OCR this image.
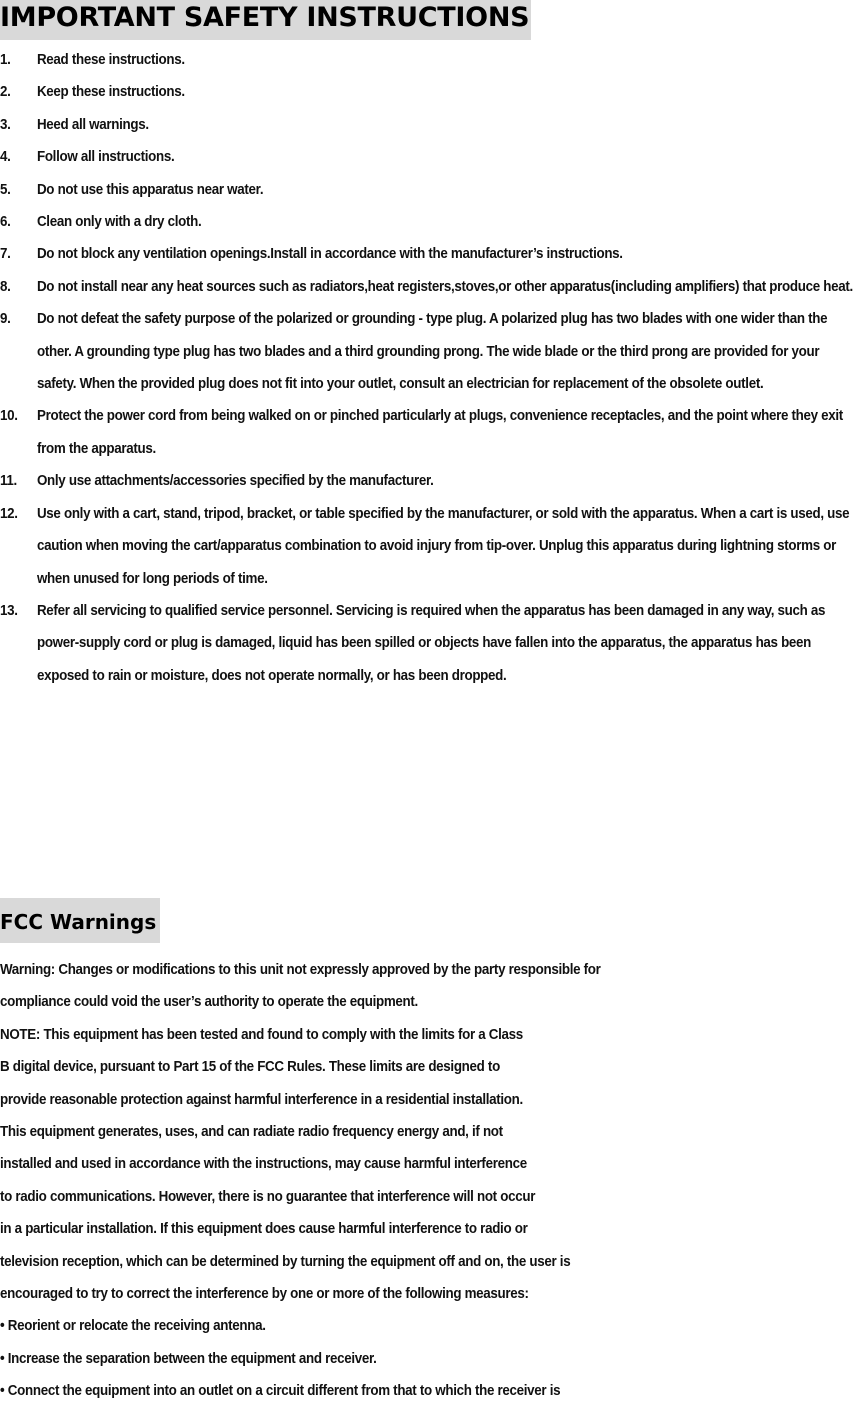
IMPORTANT SAFETY INSTRUCTIONS
1. Read these instructions.
2. Keep these instructions.
3. Heed all warnings.
4. Follow all instructions.
5. Do not use this apparatus near water.
6. Clean only with a dry cloth.
7. Do not block any ventilation openings.Install in accordance with the manufacturer’s instructions.
8. Do not install near any heat sources such as radiators,heat registers,stoves,or other apparatus(including amplifiers) that produce heat.
9. Do not defeat the safety purpose of the polarized or grounding - type plug. A polarized plug has two blades with one wider than the other. A grounding type plug has two blades and a third grounding prong. The wide blade or the third prong are provided for your safety. When the provided plug does not fit into your outlet, consult an electrician for replacement of the obsolete outlet.
10. Protect the power cord from being walked on or pinched particularly at plugs, convenience receptacles, and the point where they exit from the apparatus.
11. Only use attachments/accessories specified by the manufacturer.
12. Use only with a cart, stand, tripod, bracket, or table specified by the manufacturer, or sold with the apparatus. When a cart is used, use caution when moving the cart/apparatus combination to avoid injury from tip-over. Unplug this apparatus during lightning storms or when unused for long periods of time.
13. Refer all servicing to qualified service personnel. Servicing is required when the apparatus has been damaged in any way, such as power-supply cord or plug is damaged, liquid has been spilled or objects have fallen into the apparatus, the apparatus has been exposed to rain or moisture, does not operate normally, or has been dropped.
FCC Warnings
Warning: Changes or modifications to this unit not expressly approved by the party responsible for
compliance could void the user’s authority to operate the equipment.
NOTE: This equipment has been tested and found to comply with the limits for a Class
B digital device, pursuant to Part 15 of the FCC Rules. These limits are designed to
provide reasonable protection against harmful interference in a residential installation.
This equipment generates, uses, and can radiate radio frequency energy and, if not
installed and used in accordance with the instructions, may cause harmful interference
to radio communications. However, there is no guarantee that interference will not occur
in a particular installation. If this equipment does cause harmful interference to radio or
television reception, which can be determined by turning the equipment off and on, the user is
encouraged to try to correct the interference by one or more of the following measures:
• Reorient or relocate the receiving antenna.
• Increase the separation between the equipment and receiver.
• Connect the equipment into an outlet on a circuit different from that to which the receiver is
